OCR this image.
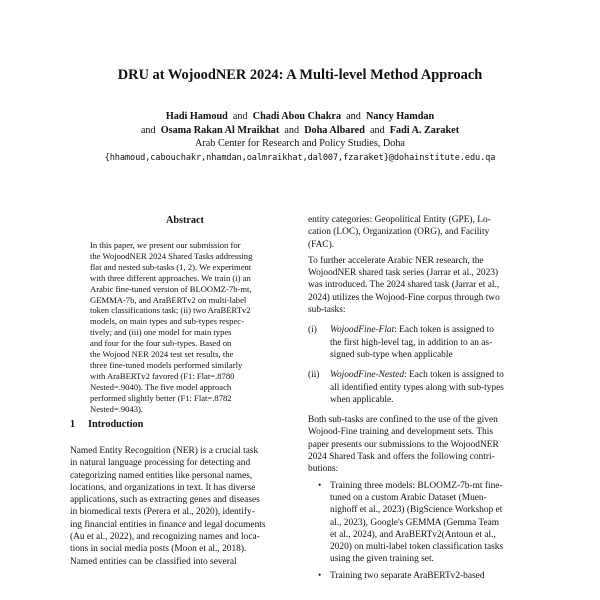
DRU at WojoodNER 2024: A Multi-level Method Approach
Hadi Hamoud and Chadi Abou Chakra and Nancy Hamdan
and Osama Rakan Al Mraikhat and Doha Albared and Fadi A. Zaraket
Arab Center for Research and Policy Studies, Doha
{hhamoud,cabouchakr,nhamdan,oalmraikhat,dal007,fzaraket}@dohainstitute.edu.qa
Abstract
In this paper, we present our submission for
the WojoodNER 2024 Shared Tasks addressing
flat and nested sub-tasks (1, 2). We experiment
with three different approaches. We train (i) an
Arabic fine-tuned version of BLOOMZ-7b-mt,
GEMMA-7b, and AraBERTv2 on multi-label
token classifications task; (ii) two AraBERTv2
models, on main types and sub-types respec-
tively; and (iii) one model for main types
and four for the four sub-types. Based on
the Wojood NER 2024 test set results, the
three fine-tuned models performed similarly
with AraBERTv2 favored (F1: Flat=.8780
Nested=.9040). The five model approach
performed slightly better (F1: Flat=.8782
Nested=.9043).
1 Introduction
Named Entity Recognition (NER) is a crucial task
in natural language processing for detecting and
categorizing named entities like personal names,
locations, and organizations in text. It has diverse
applications, such as extracting genes and diseases
in biomedical texts (Perera et al., 2020), identify-
ing financial entities in finance and legal documents
(Au et al., 2022), and recognizing names and loca-
tions in social media posts (Moon et al., 2018).
Named entities can be classified into several
entity categories: Geopolitical Entity (GPE), Lo-
cation (LOC), Organization (ORG), and Facility
(FAC).
To further accelerate Arabic NER research, the
WojoodNER shared task series (Jarrar et al., 2023)
was introduced. The 2024 shared task (Jarrar et al.,
2024) utilizes the Wojood-Fine corpus through two
sub-tasks:
(i) WojoodFine-Flat: Each token is assigned to
the first high-level tag, in addition to an as-
signed sub-type when applicable
(ii) WojoodFine-Nested: Each token is assigned to
all identified entity types along with sub-types
when applicable.
Both sub-tasks are confined to the use of the given
Wojood-Fine training and development sets. This
paper presents our submissions to the WojoodNER
2024 Shared Task and offers the following contri-
butions:
• Training three models: BLOOMZ-7b-mt fine-
tuned on a custom Arabic Dataset (Muen-
nighoff et al., 2023) (BigScience Workshop et
al., 2023), Google's GEMMA (Gemma Team
et al., 2024), and AraBERTv2(Antoun et al.,
2020) on multi-label token classification tasks
using the given training set.
• Training two separate AraBERTv2-based
